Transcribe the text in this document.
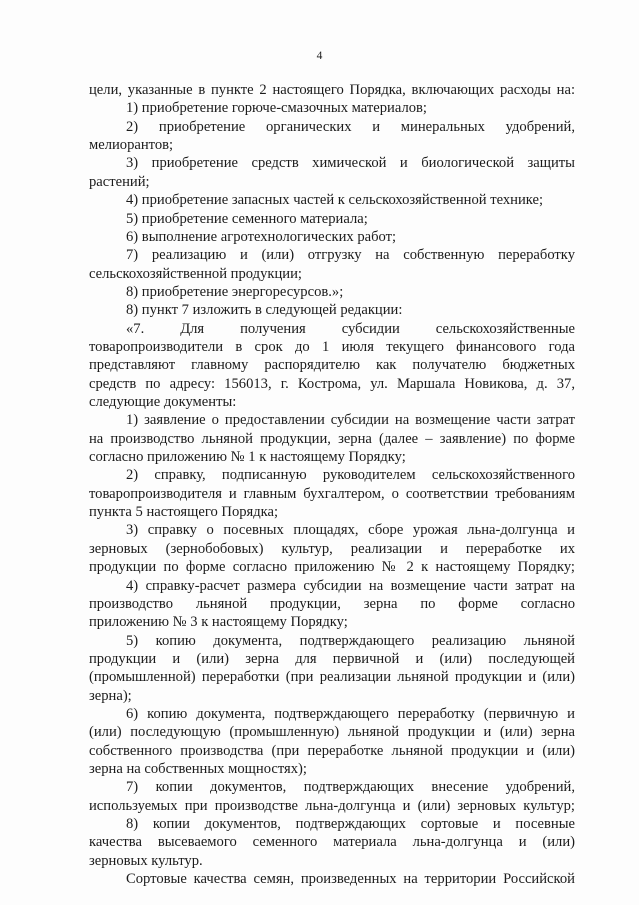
4
цели, указанные в пункте 2 настоящего Порядка, включающих расходы на:
1) приобретение горюче-смазочных материалов;
2) приобретение органических и минеральных удобрений,
мелиорантов;
3) приобретение средств химической и биологической защиты
растений;
4) приобретение запасных частей к сельскохозяйственной технике;
5) приобретение семенного материала;
6) выполнение агротехнологических работ;
7) реализацию и (или) отгрузку на собственную переработку
сельскохозяйственной продукции;
8) приобретение энергоресурсов.»;
8) пункт 7 изложить в следующей редакции:
«7. Для получения субсидии сельскохозяйственные
товаропроизводители в срок до 1 июля текущего финансового года
представляют главному распорядителю как получателю бюджетных
средств по адресу: 156013, г. Кострома, ул. Маршала Новикова, д. 37,
следующие документы:
1) заявление о предоставлении субсидии на возмещение части затрат
на производство льняной продукции, зерна (далее – заявление) по форме
согласно приложению № 1 к настоящему Порядку;
2) справку, подписанную руководителем сельскохозяйственного
товаропроизводителя и главным бухгалтером, о соответствии требованиям
пункта 5 настоящего Порядка;
3) справку о посевных площадях, сборе урожая льна-долгунца и
зерновых (зернобобовых) культур, реализации и переработке их
продукции по форме согласно приложению № 2 к настоящему Порядку;
4) справку-расчет размера субсидии на возмещение части затрат на
производство льняной продукции, зерна по форме согласно
приложению № 3 к настоящему Порядку;
5) копию документа, подтверждающего реализацию льняной
продукции и (или) зерна для первичной и (или) последующей
(промышленной) переработки (при реализации льняной продукции и (или)
зерна);
6) копию документа, подтверждающего переработку (первичную и
(или) последующую (промышленную) льняной продукции и (или) зерна
собственного производства (при переработке льняной продукции и (или)
зерна на собственных мощностях);
7) копии документов, подтверждающих внесение удобрений,
используемых при производстве льна-долгунца и (или) зерновых культур;
8) копии документов, подтверждающих сортовые и посевные
качества высеваемого семенного материала льна-долгунца и (или)
зерновых культур.
Сортовые качества семян, произведенных на территории Российской
